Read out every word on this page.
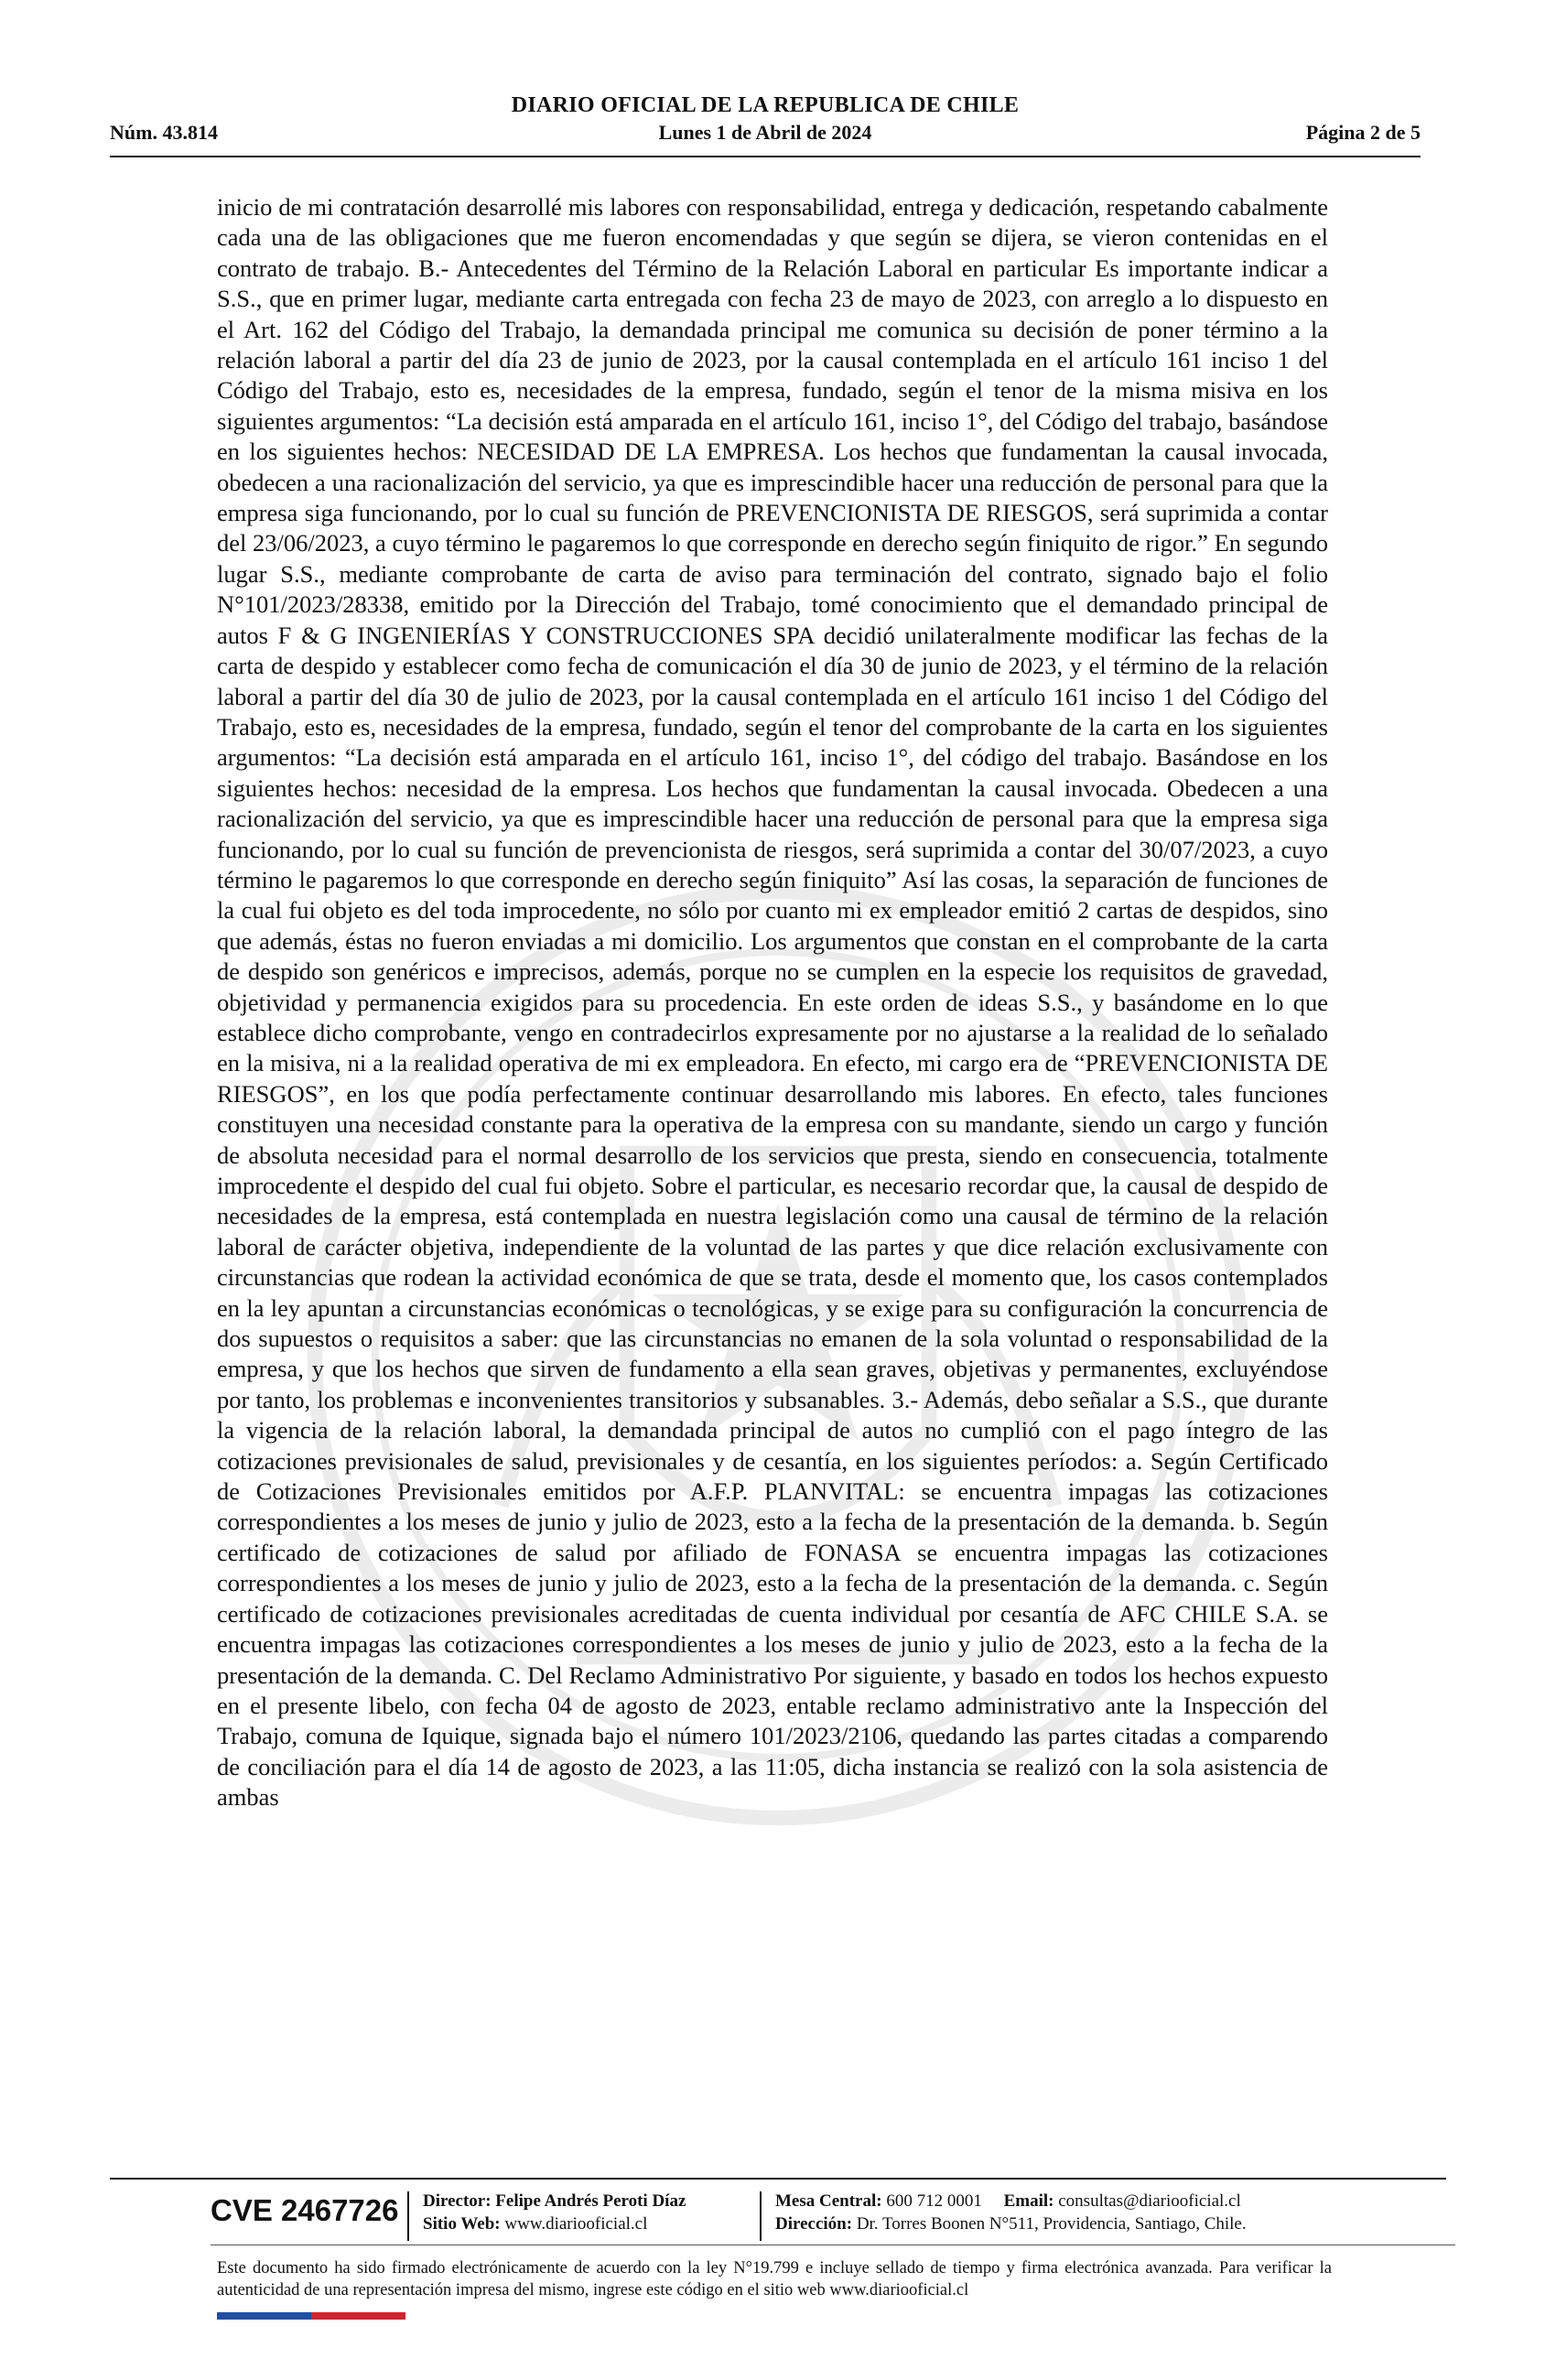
DIARIO OFICIAL DE LA REPUBLICA DE CHILE
Núm. 43.814	Lunes 1 de Abril de 2024	Página 2 de 5

inicio de mi contratación desarrollé mis labores con responsabilidad, entrega y dedicación, respetando cabalmente cada una de las obligaciones que me fueron encomendadas y que según se dijera, se vieron contenidas en el contrato de trabajo. B.- Antecedentes del Término de la Relación Laboral en particular Es importante indicar a S.S., que en primer lugar, mediante carta entregada con fecha 23 de mayo de 2023, con arreglo a lo dispuesto en el Art. 162 del Código del Trabajo, la demandada principal me comunica su decisión de poner término a la relación laboral a partir del día 23 de junio de 2023, por la causal contemplada en el artículo 161 inciso 1 del Código del Trabajo, esto es, necesidades de la empresa, fundado, según el tenor de la misma misiva en los siguientes argumentos: “La decisión está amparada en el artículo 161, inciso 1°, del Código del trabajo, basándose en los siguientes hechos: NECESIDAD DE LA EMPRESA. Los hechos que fundamentan la causal invocada, obedecen a una racionalización del servicio, ya que es imprescindible hacer una reducción de personal para que la empresa siga funcionando, por lo cual su función de PREVENCIONISTA DE RIESGOS, será suprimida a contar del 23/06/2023, a cuyo término le pagaremos lo que corresponde en derecho según finiquito de rigor.” En segundo lugar S.S., mediante comprobante de carta de aviso para terminación del contrato, signado bajo el folio N°101/2023/28338, emitido por la Dirección del Trabajo, tomé conocimiento que el demandado principal de autos F & G INGENIERÍAS Y CONSTRUCCIONES SPA decidió unilateralmente modificar las fechas de la carta de despido y establecer como fecha de comunicación el día 30 de junio de 2023, y el término de la relación laboral a partir del día 30 de julio de 2023, por la causal contemplada en el artículo 161 inciso 1 del Código del Trabajo, esto es, necesidades de la empresa, fundado, según el tenor del comprobante de la carta en los siguientes argumentos: “La decisión está amparada en el artículo 161, inciso 1°, del código del trabajo. Basándose en los siguientes hechos: necesidad de la empresa. Los hechos que fundamentan la causal invocada. Obedecen a una racionalización del servicio, ya que es imprescindible hacer una reducción de personal para que la empresa siga funcionando, por lo cual su función de prevencionista de riesgos, será suprimida a contar del 30/07/2023, a cuyo término le pagaremos lo que corresponde en derecho según finiquito” Así las cosas, la separación de funciones de la cual fui objeto es del toda improcedente, no sólo por cuanto mi ex empleador emitió 2 cartas de despidos, sino que además, éstas no fueron enviadas a mi domicilio. Los argumentos que constan en el comprobante de la carta de despido son genéricos e imprecisos, además, porque no se cumplen en la especie los requisitos de gravedad, objetividad y permanencia exigidos para su procedencia. En este orden de ideas S.S., y basándome en lo que establece dicho comprobante, vengo en contradecirlos expresamente por no ajustarse a la realidad de lo señalado en la misiva, ni a la realidad operativa de mi ex empleadora. En efecto, mi cargo era de “PREVENCIONISTA DE RIESGOS”, en los que podía perfectamente continuar desarrollando mis labores. En efecto, tales funciones constituyen una necesidad constante para la operativa de la empresa con su mandante, siendo un cargo y función de absoluta necesidad para el normal desarrollo de los servicios que presta, siendo en consecuencia, totalmente improcedente el despido del cual fui objeto. Sobre el particular, es necesario recordar que, la causal de despido de necesidades de la empresa, está contemplada en nuestra legislación como una causal de término de la relación laboral de carácter objetiva, independiente de la voluntad de las partes y que dice relación exclusivamente con circunstancias que rodean la actividad económica de que se trata, desde el momento que, los casos contemplados en la ley apuntan a circunstancias económicas o tecnológicas, y se exige para su configuración la concurrencia de dos supuestos o requisitos a saber: que las circunstancias no emanen de la sola voluntad o responsabilidad de la empresa, y que los hechos que sirven de fundamento a ella sean graves, objetivas y permanentes, excluyéndose por tanto, los problemas e inconvenientes transitorios y subsanables. 3.- Además, debo señalar a S.S., que durante la vigencia de la relación laboral, la demandada principal de autos no cumplió con el pago íntegro de las cotizaciones previsionales de salud, previsionales y de cesantía, en los siguientes períodos: a. Según Certificado de Cotizaciones Previsionales emitidos por A.F.P. PLANVITAL: se encuentra impagas las cotizaciones correspondientes a los meses de junio y julio de 2023, esto a la fecha de la presentación de la demanda. b. Según certificado de cotizaciones de salud por afiliado de FONASA se encuentra impagas las cotizaciones correspondientes a los meses de junio y julio de 2023, esto a la fecha de la presentación de la demanda. c. Según certificado de cotizaciones previsionales acreditadas de cuenta individual por cesantía de AFC CHILE S.A. se encuentra impagas las cotizaciones correspondientes a los meses de junio y julio de 2023, esto a la fecha de la presentación de la demanda. C. Del Reclamo Administrativo Por siguiente, y basado en todos los hechos expuesto en el presente libelo, con fecha 04 de agosto de 2023, entable reclamo administrativo ante la Inspección del Trabajo, comuna de Iquique, signada bajo el número 101/2023/2106, quedando las partes citadas a comparendo de conciliación para el día 14 de agosto de 2023, a las 11:05, dicha instancia se realizó con la sola asistencia de ambas

CVE 2467726 Director: Felipe Andrés Peroti Díaz
Sitio Web: www.diariooficial.cl
Mesa Central: 600 712 0001 Email: consultas@diariooficial.cl
Dirección: Dr. Torres Boonen N°511, Providencia, Santiago, Chile.

Este documento ha sido firmado electrónicamente de acuerdo con la ley N°19.799 e incluye sellado de tiempo y firma electrónica avanzada. Para verificar la autenticidad de una representación impresa del mismo, ingrese este código en el sitio web www.diariooficial.cl
